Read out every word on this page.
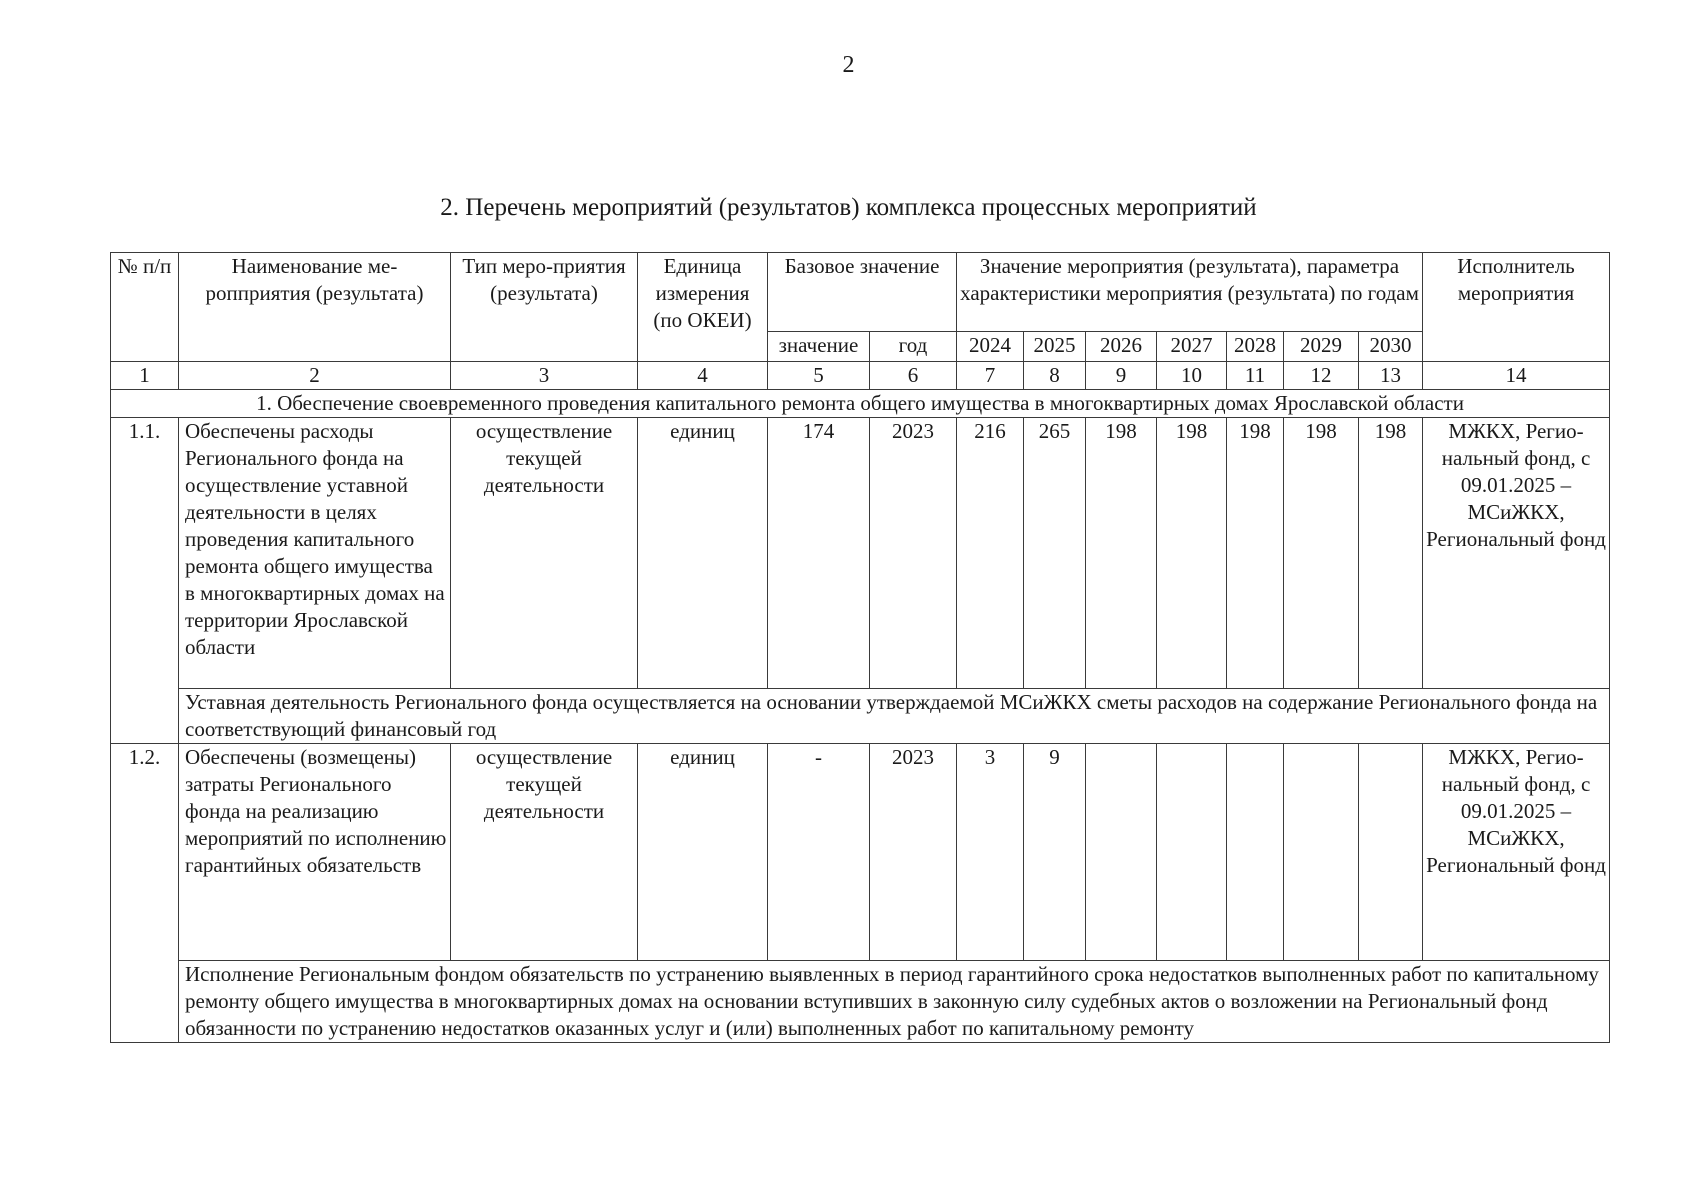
2
2. Перечень мероприятий (результатов) комплекса процессных мероприятий
№ п/п	Наименование ме-ропприятия (результата)	Тип меро-приятия (результата)	Единица измерения (по ОКЕИ)	Базовое значение		Значение мероприятия (результата), параметра характеристики мероприятия (результата) по годам							Исполнитель мероприятия
				значение	год	2024	2025	2026	2027	2028	2029	2030	
1	2	3	4	5	6	7	8	9	10	11	12	13	14
1. Обеспечение своевременного проведения капитального ремонта общего имущества в многоквартирных домах Ярославской области													
1.1.	Обеспечены расходы Регионального фонда на осуществление уставной деятельности в целях проведения капитального ремонта общего имущества в многоквартирных домах на территории Ярославской области	осуществление текущей деятельности	единиц	174	2023	216	265	198	198	198	198	198	МЖКХ, Регио-нальный фонд, с 09.01.2025 – МСиЖКХ, Региональный фонд
	Уставная деятельность Регионального фонда осуществляется на основании утверждаемой МСиЖКХ сметы расходов на содержание Регионального фонда на соответствующий финансовый год												
1.2.	Обеспечены (возмещены) затраты Регионального фонда на реализацию мероприятий по исполнению гарантийных обязательств	осуществление текущей деятельности	единиц	-	2023	3	9						МЖКХ, Регио-нальный фонд, с 09.01.2025 – МСиЖКХ, Региональный фонд
	Исполнение Региональным фондом обязательств по устранению выявленных в период гарантийного срока недостатков выполненных работ по капитальному ремонту общего имущества в многоквартирных домах на основании вступивших в законную силу судебных актов о возложении на Региональный фонд обязанности по устранению недостатков оказанных услуг и (или) выполненных работ по капитальному ремонту												
